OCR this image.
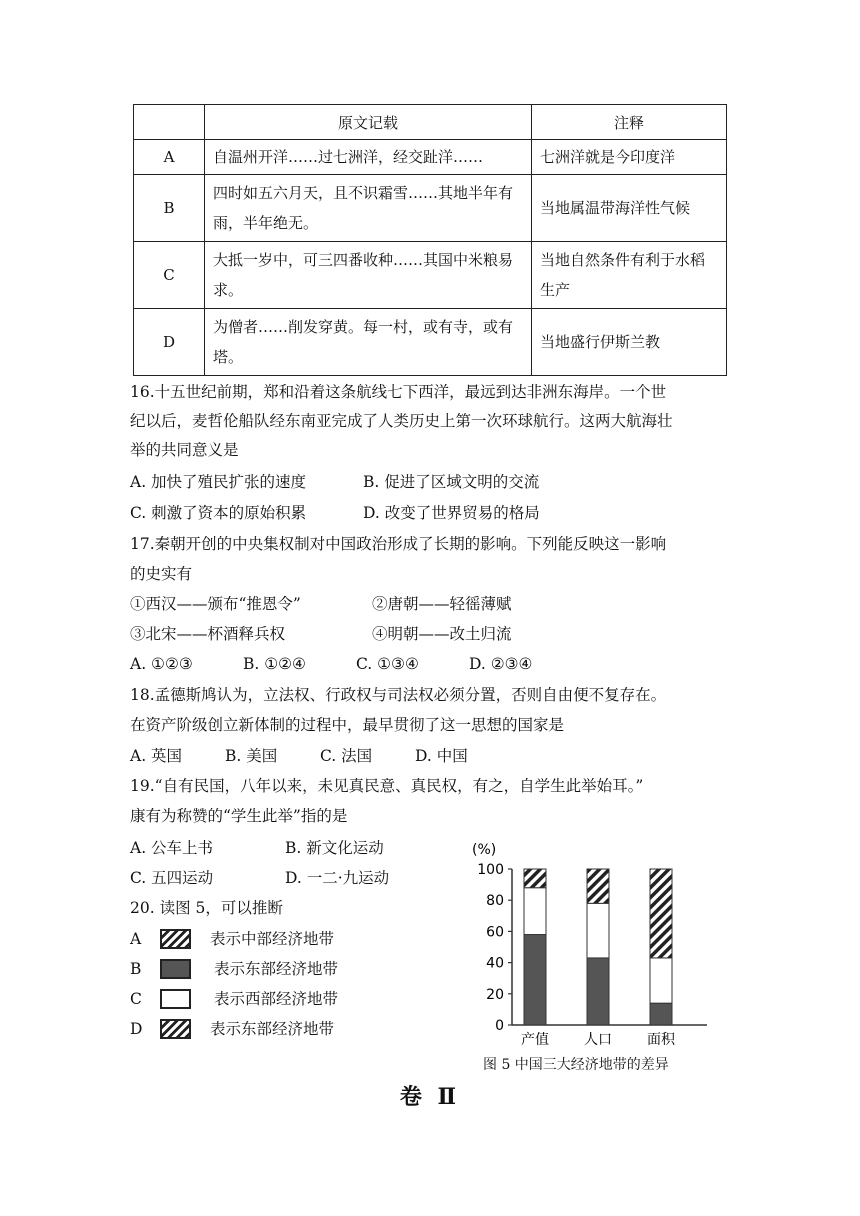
	原文记载	注释
A	自温州开洋……过七洲洋，经交趾洋……	七洲洋就是今印度洋
B	四时如五六月天，且不识霜雪……其地半年有雨，半年绝无。	当地属温带海洋性气候
C	大抵一岁中，可三四番收种……其国中米粮易求。	当地自然条件有利于水稻生产
D	为僧者……削发穿黄。每一村，或有寺，或有塔。	当地盛行伊斯兰教
16.十五世纪前期，郑和沿着这条航线七下西洋，最远到达非洲东海岸。一个世
纪以后，麦哲伦船队经东南亚完成了人类历史上第一次环球航行。这两大航海壮
举的共同意义是
A. 加快了殖民扩张的速度	B. 促进了区域文明的交流
C. 刺激了资本的原始积累	D. 改变了世界贸易的格局
17.秦朝开创的中央集权制对中国政治形成了长期的影响。下列能反映这一影响
的史实有
①西汉——颁布“推恩令”	②唐朝——轻徭薄赋
③北宋——杯酒释兵权	④明朝——改土归流
A. ①②③	B. ①②④	C. ①③④	D. ②③④
18.孟德斯鸠认为，立法权、行政权与司法权必须分置，否则自由便不复存在。
在资产阶级创立新体制的过程中，最早贯彻了这一思想的国家是
A. 英国	B. 美国	C. 法国	D. 中国
19.“自有民国，八年以来，未见真民意、真民权，有之，自学生此举始耳。”
康有为称赞的“学生此举”指的是
A. 公车上书	B. 新文化运动
C. 五四运动	D. 一二·九运动
20. 读图 5，可以推断
A	表示中部经济地带
B	表示东部经济地带
C	表示西部经济地带
D	表示东部经济地带
(%)
0
20
40
60
80
100
产值	人口	面积
图 5 中国三大经济地带的差异
卷 Ⅱ
